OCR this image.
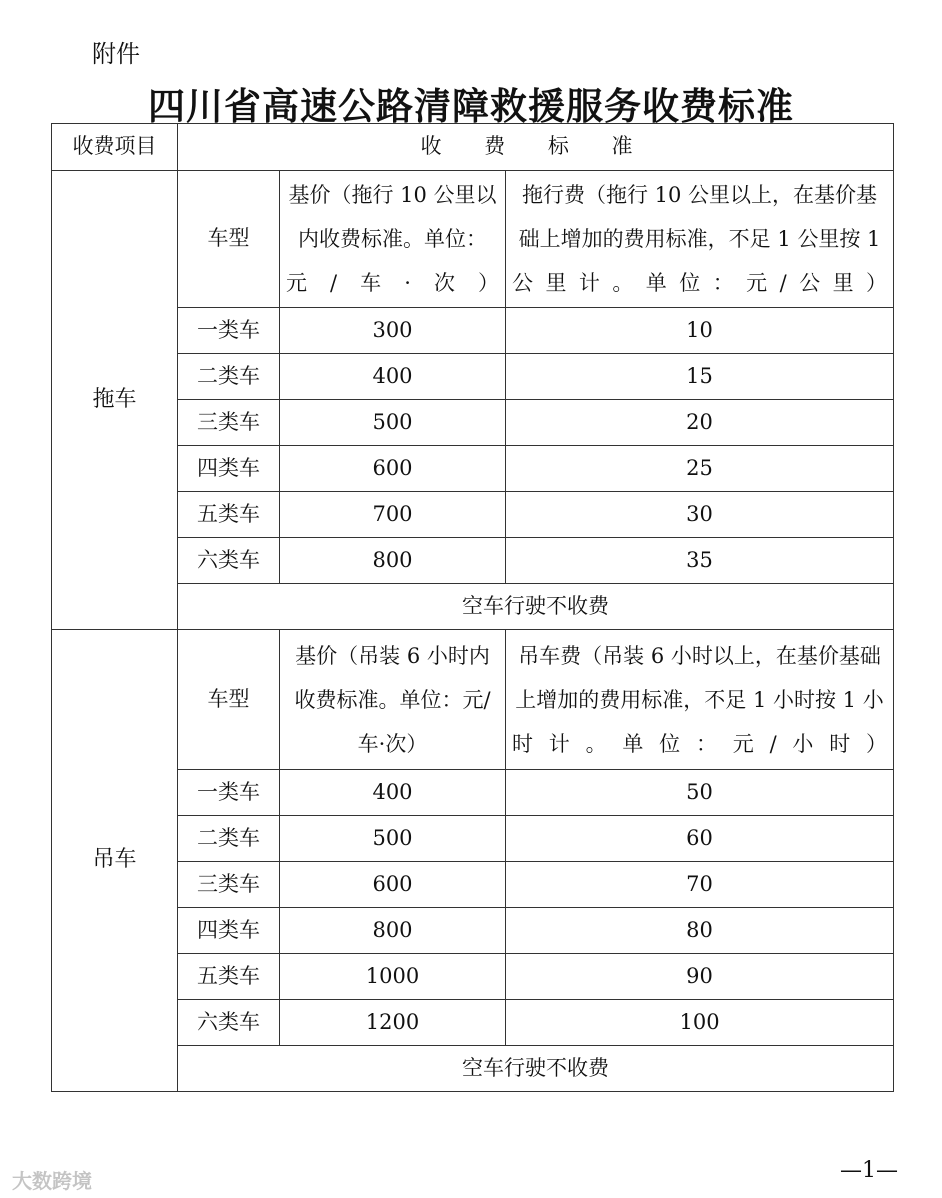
附件
四川省高速公路清障救援服务收费标准
收费项目	收 费 标 准		
拖车	车型	基价（拖行 10 公里以内收费标准。单位：元/车·次）	拖行费（拖行 10 公里以上，在基价基础上增加的费用标准，不足 1 公里按 1 公里计。单位：元/公里）
	一类车	300	10
	二类车	400	15
	三类车	500	20
	四类车	600	25
	五类车	700	30
	六类车	800	35
	空车行驶不收费		
吊车	车型	基价（吊装 6 小时内收费标准。单位：元/车·次）	吊车费（吊装 6 小时以上，在基价基础上增加的费用标准，不足 1 小时按 1 小时计。单位：元/小时）
	一类车	400	50
	二类车	500	60
	三类车	600	70
	四类车	800	80
	五类车	1000	90
	六类车	1200	100
	空车行驶不收费		
大数跨境	—1—
